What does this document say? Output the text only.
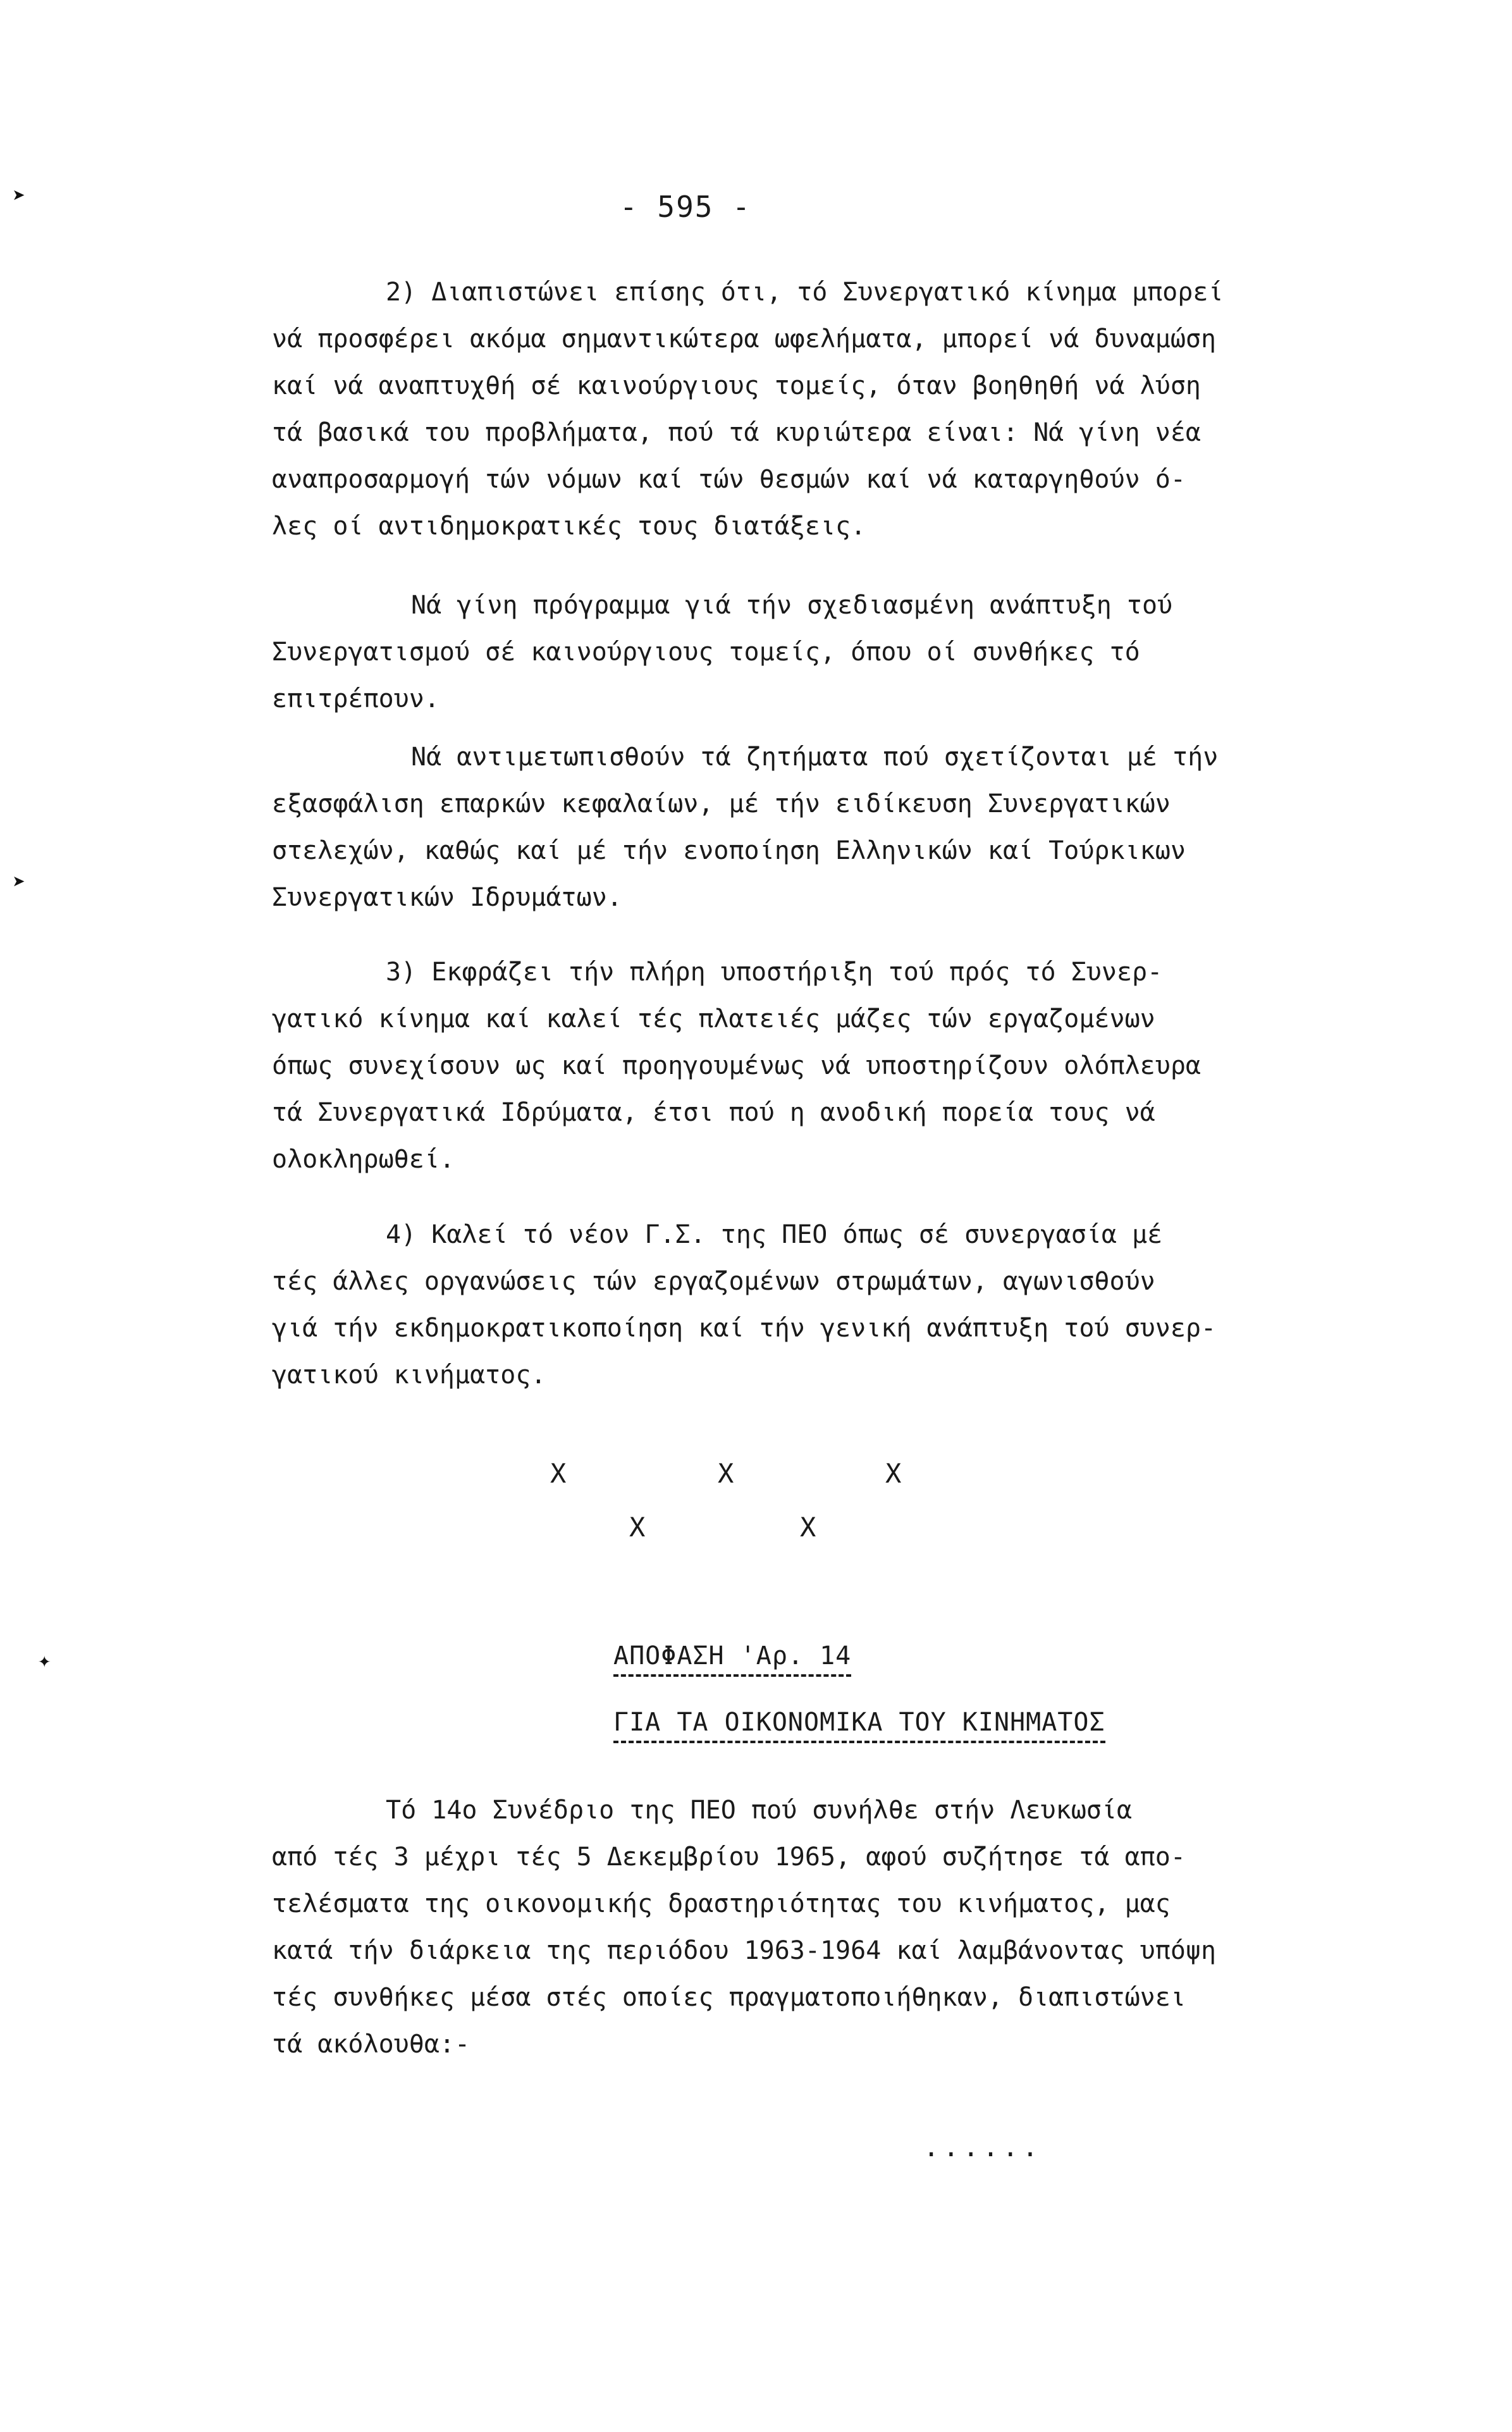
➤
➤
✦
- 595 -
2) Διαπιστώνει επίσης ότι, τό Συνεργατικό κίνημα μπορεί
νά προσφέρει ακόμα σημαντικώτερα ωφελήματα, μπορεί νά δυναμώση
καί νά αναπτυχθή σέ καινούργιους τομείς, όταν βοηθηθή νά λύση
τά βασικά του προβλήματα, πού τά κυριώτερα είναι: Νά γίνη νέα
αναπροσαρμογή τών νόμων καί τών θεσμών καί νά καταργηθούν ό-
λες οί αντιδημοκρατικές τους διατάξεις.
Νά γίνη πρόγραμμα γιά τήν σχεδιασμένη ανάπτυξη τού
Συνεργατισμού σέ καινούργιους τομείς, όπου οί συνθήκες τό
επιτρέπουν.
Νά αντιμετωπισθούν τά ζητήματα πού σχετίζονται μέ τήν
εξασφάλιση επαρκών κεφαλαίων, μέ τήν ειδίκευση Συνεργατικών
στελεχών, καθώς καί μέ τήν ενοποίηση Ελληνικών καί Τούρκικων
Συνεργατικών Ιδρυμάτων.
3) Εκφράζει τήν πλήρη υποστήριξη τού πρός τό Συνερ-
γατικό κίνημα καί καλεί τές πλατειές μάζες τών εργαζομένων
όπως συνεχίσουν ως καί προηγουμένως νά υποστηρίζουν ολόπλευρα
τά Συνεργατικά Ιδρύματα, έτσι πού η ανοδική πορεία τους νά
ολοκληρωθεί.
4) Καλεί τό νέον Γ.Σ. της ΠΕΟ όπως σέ συνεργασία μέ
τές άλλες οργανώσεις τών εργαζομένων στρωμάτων, αγωνισθούν
γιά τήν εκδημοκρατικοποίηση καί τήν γενική ανάπτυξη τού συνερ-
γατικού κινήματος.
X	X	X
X	X
ΑΠΟΦΑΣΗ 'Αρ. 14
ΓΙΑ ΤΑ ΟΙΚΟΝΟΜΙΚΑ ΤΟΥ ΚΙΝΗΜΑΤΟΣ
Τό 14ο Συνέδριο της ΠΕΟ πού συνήλθε στήν Λευκωσία
από τές 3 μέχρι τές 5 Δεκεμβρίου 1965, αφού συζήτησε τά απο-
τελέσματα της οικονομικής δραστηριότητας του κινήματος, μας
κατά τήν διάρκεια της περιόδου 1963-1964 καί λαμβάνοντας υπόψη
τές συνθήκες μέσα στές οποίες πραγματοποιήθηκαν, διαπιστώνει
τά ακόλουθα:-
......
